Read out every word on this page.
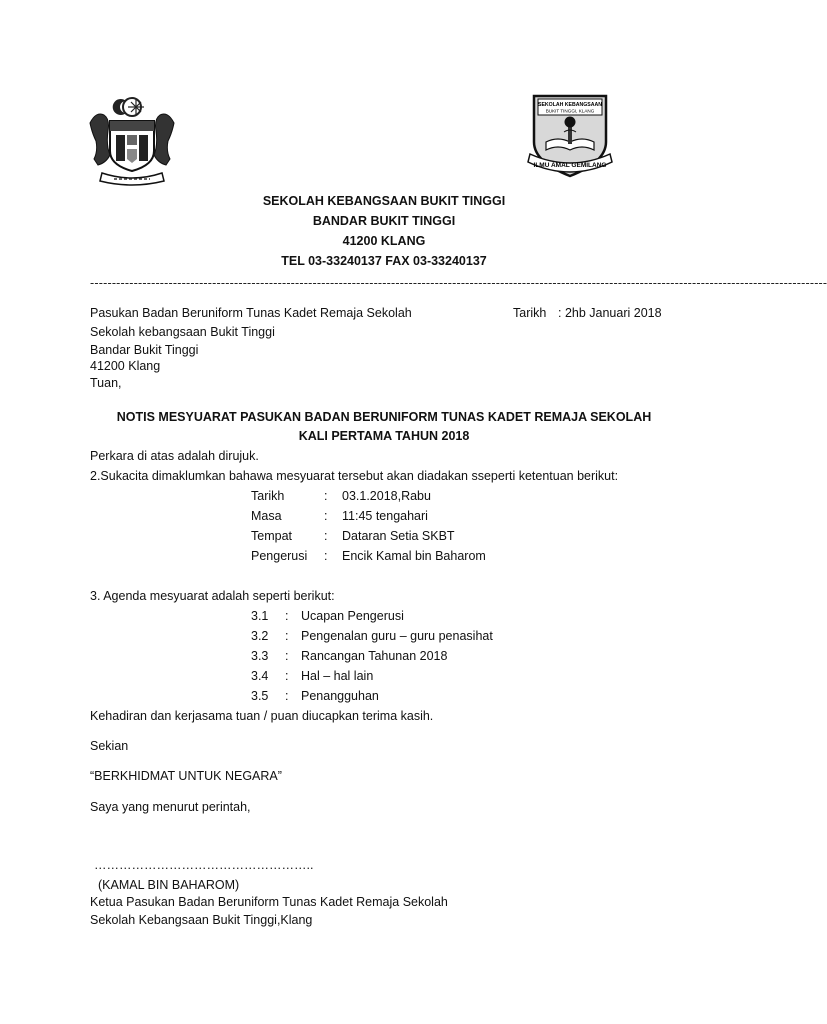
SEKOLAH KEBANGSAAN
BUKIT TINGGI, KLANG
ILMU AMAL GEMILANG
SEKOLAH KEBANGSAAN BUKIT TINGGI
BANDAR BUKIT TINGGI
41200 KLANG
TEL 03-33240137 FAX 03-33240137
-------------------------------------------------------------------------------------------------------------------------------------------------------------------------
Pasukan Badan Beruniform Tunas Kadet Remaja Sekolah
Sekolah kebangsaan Bukit Tinggi
Bandar Bukit Tinggi
41200 Klang
Tuan,
Tarikh : 2hb Januari 2018
NOTIS MESYUARAT PASUKAN BADAN BERUNIFORM TUNAS KADET REMAJA SEKOLAH
KALI PERTAMA TAHUN 2018
Perkara di atas adalah dirujuk.
2.Sukacita dimaklumkan bahawa mesyuarat tersebut akan diadakan sseperti ketentuan berikut:
Tarikh	: 03.1.2018,Rabu
Masa	: 11:45 tengahari
Tempat	: Dataran Setia SKBT
Pengerusi : Encik Kamal bin Baharom
3. Agenda mesyuarat adalah seperti berikut:
3.1 : Ucapan Pengerusi
3.2 : Pengenalan guru – guru penasihat
3.3 : Rancangan Tahunan 2018
3.4 : Hal – hal lain
3.5 : Penangguhan
Kehadiran dan kerjasama tuan / puan diucapkan terima kasih.
Sekian
“BERKHIDMAT UNTUK NEGARA”
Saya yang menurut perintah,
……………………………………………..
(KAMAL BIN BAHAROM)
Ketua Pasukan Badan Beruniform Tunas Kadet Remaja Sekolah
Sekolah Kebangsaan Bukit Tinggi,Klang
